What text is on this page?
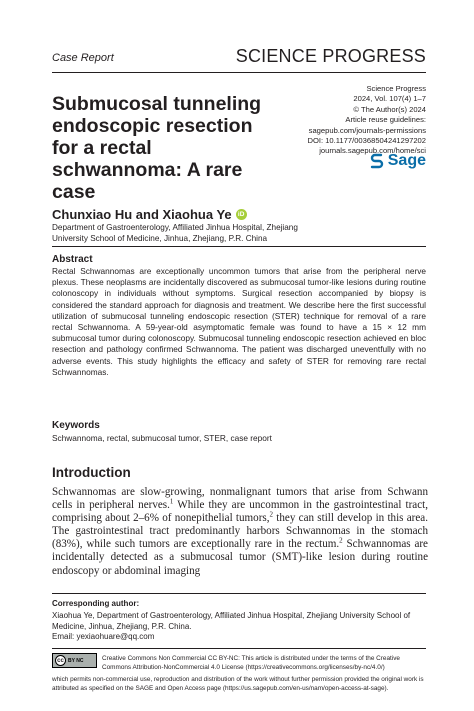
Case Report	SCIENCE PROGRESS
Submucosal tunneling endoscopic resection for a rectal schwannoma: A rare case
Science Progress
2024, Vol. 107(4) 1–7
© The Author(s) 2024
Article reuse guidelines:
sagepub.com/journals-permissions
DOI: 10.1177/00368504241297202
journals.sagepub.com/home/sci
Sage
Chunxiao Hu and Xiaohua Ye iD
Department of Gastroenterology, Affiliated Jinhua Hospital, Zhejiang University School of Medicine, Jinhua, Zhejiang, P.R. China
Abstract
Rectal Schwannomas are exceptionally uncommon tumors that arise from the peripheral nerve plexus. These neoplasms are incidentally discovered as submucosal tumor-like lesions during routine colonoscopy in individuals without symptoms. Surgical resection accompanied by biopsy is considered the standard approach for diagnosis and treatment. We describe here the first successful utilization of submucosal tunneling endoscopic resection (STER) technique for removal of a rare rectal Schwannoma. A 59-year-old asymptomatic female was found to have a 15 × 12 mm submucosal tumor during colonoscopy. Submucosal tunneling endoscopic resection achieved en bloc resection and pathology confirmed Schwannoma. The patient was discharged uneventfully with no adverse events. This study highlights the efficacy and safety of STER for removing rare rectal Schwannomas.
Keywords
Schwannoma, rectal, submucosal tumor, STER, case report
Introduction
Schwannomas are slow-growing, nonmalignant tumors that arise from Schwann cells in peripheral nerves.$^1$ While they are uncommon in the gastrointestinal tract, comprising about 2–6% of nonepithelial tumors,$^2$ they can still develop in this area. The gastrointestinal tract predominantly harbors Schwannomas in the stomach (83%), while such tumors are exceptionally rare in the rectum.$^2$ Schwannomas are incidentally detected as a submucosal tumor (SMT)-like lesion during routine endoscopy or abdominal imaging
Corresponding author:
Xiaohua Ye, Department of Gastroenterology, Affiliated Jinhua Hospital, Zhejiang University School of Medicine, Jinhua, Zhejiang, P.R. China.
Email: yexiaohuare@qq.com
cc BY NC	Creative Commons Non Commercial CC BY-NC: This article is distributed under the terms of the Creative Commons Attribution-NonCommercial 4.0 License (https://creativecommons.org/licenses/by-nc/4.0/)
which permits non-commercial use, reproduction and distribution of the work without further permission provided the original work is attributed as specified on the SAGE and Open Access page (https://us.sagepub.com/en-us/nam/open-access-at-sage).
